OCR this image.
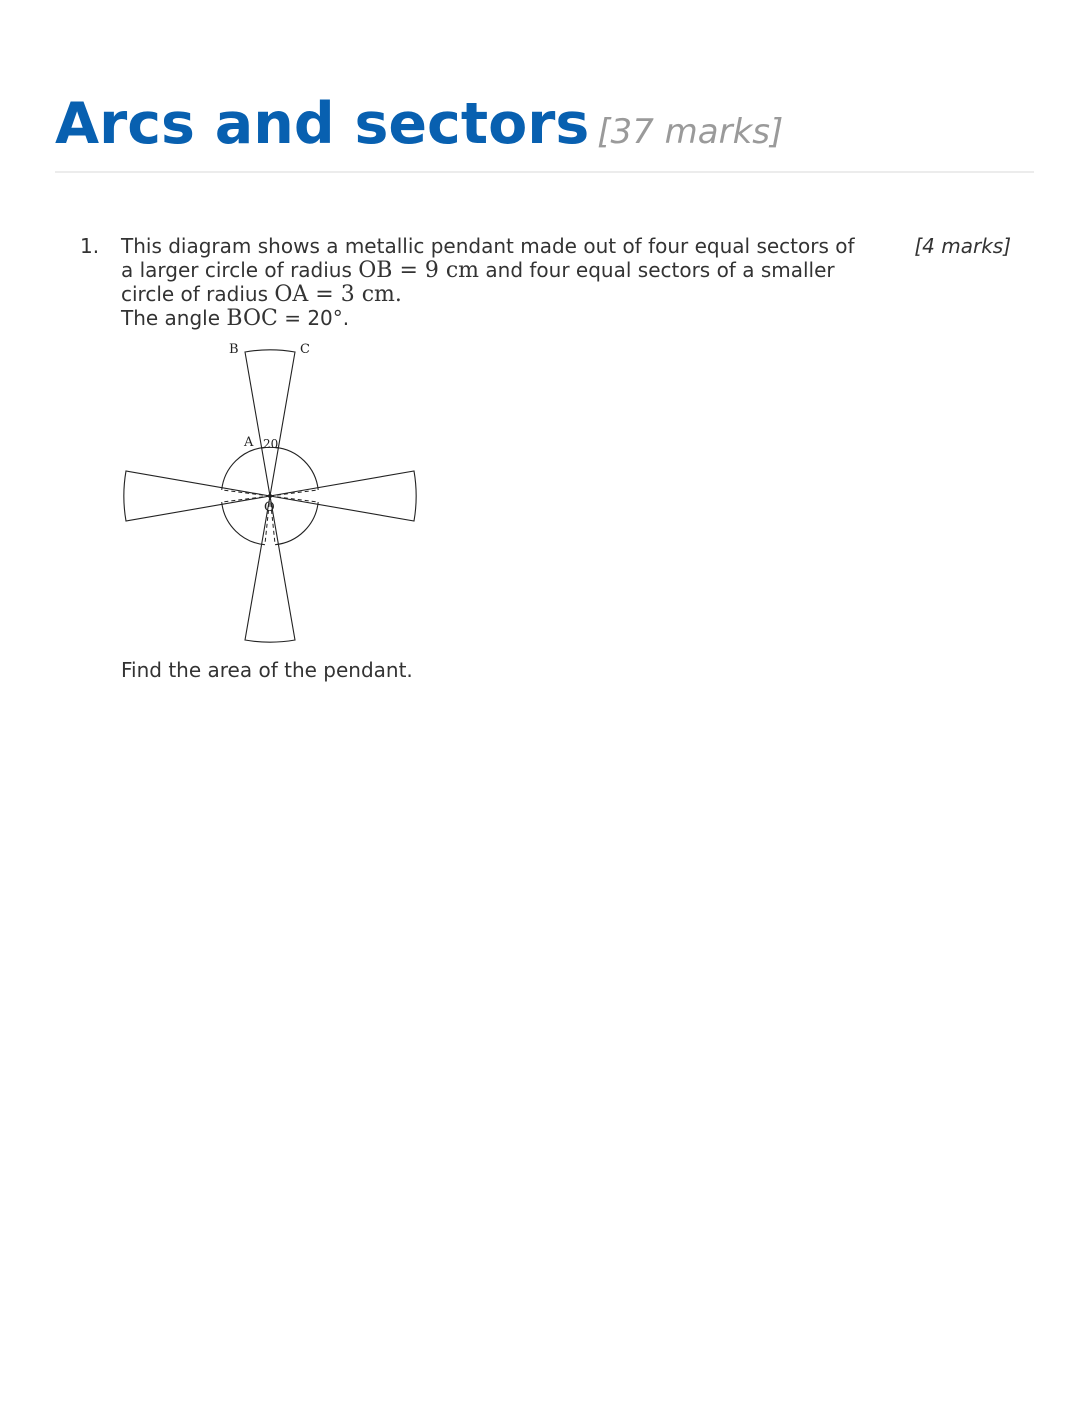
Arcs and sectors [37 marks]
1.	[4 marks]
This diagram shows a metallic pendant made out of four equal sectors of
a larger circle of radius OB = 9 cm and four equal sectors of a smaller
circle of radius OA = 3 cm.
The angle BOC = 20°.
B	C
A 20
O
Find the area of the pendant.
